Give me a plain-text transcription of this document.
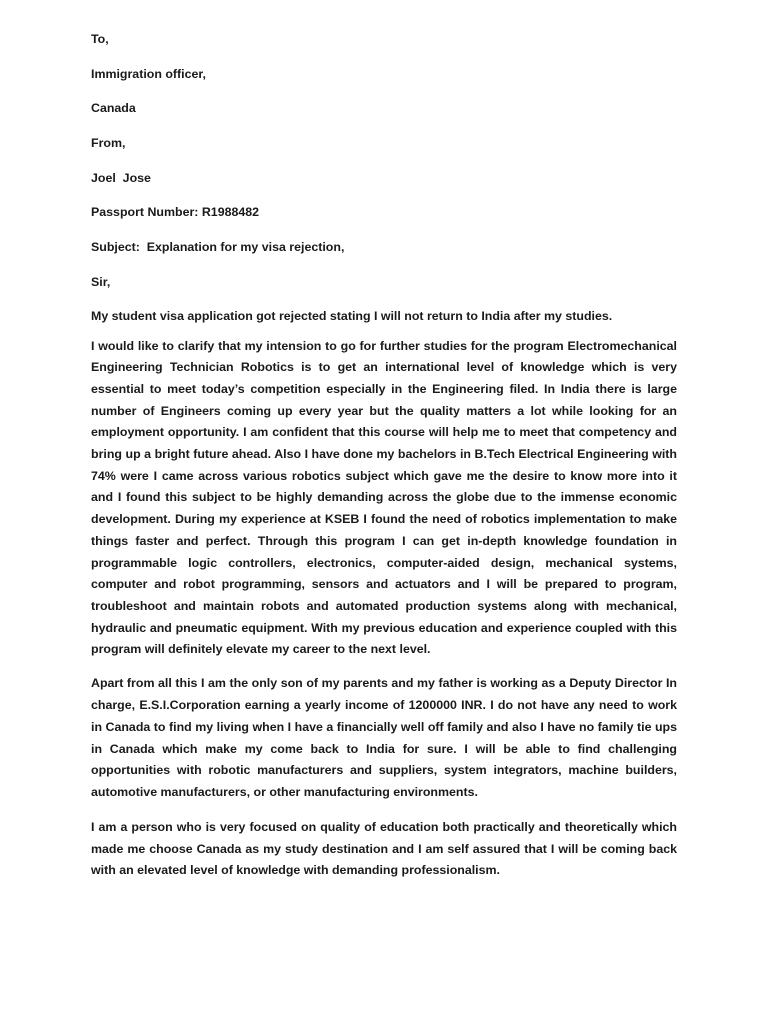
To,

Immigration officer,

Canada

From,

Joel  Jose

Passport Number: R1988482

Subject:  Explanation for my visa rejection,

Sir,

My student visa application got rejected stating I will not return to India after my studies.

I would like to clarify that my intension to go for further studies for the program Electromechanical Engineering Technician Robotics is to get an international level of knowledge which is very essential to meet today’s competition especially in the Engineering filed. In India there is large number of Engineers coming up every year but the quality matters a lot while looking for an employment opportunity. I am confident that this course will help me to meet that competency and bring up a bright future ahead. Also I have done my bachelors in B.Tech Electrical Engineering with 74% were I came across various robotics subject which gave me the desire to know more into it and I found this subject to be highly demanding across the globe due to the immense economic development. During my experience at KSEB I found the need of robotics implementation to make things faster and perfect. Through this program I can get in-depth knowledge foundation in programmable logic controllers, electronics, computer-aided design, mechanical systems, computer and robot programming, sensors and actuators and I will be prepared to program, troubleshoot and maintain robots and automated production systems along with mechanical, hydraulic and pneumatic equipment. With my previous education and experience coupled with this program will definitely elevate my career to the next level.

Apart from all this I am the only son of my parents and my father is working as a Deputy Director In charge, E.S.I.Corporation earning a yearly income of 1200000 INR. I do not have any need to work in Canada to find my living when I have a financially well off family and also I have no family tie ups in Canada which make my come back to India for sure. I will be able to find challenging opportunities with robotic manufacturers and suppliers, system integrators, machine builders, automotive manufacturers, or other manufacturing environments.

I am a person who is very focused on quality of education both practically and theoretically which made me choose Canada as my study destination and I am self assured that I will be coming back with an elevated level of knowledge with demanding professionalism.
